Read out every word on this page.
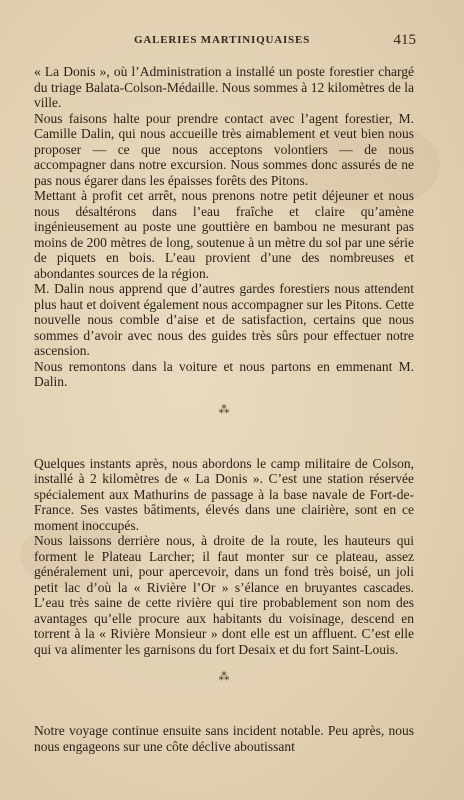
GALERIES MARTINIQUAISES	415

« La Donis », où l’Administration a installé un poste forestier chargé du triage Balata-Colson-Médaille. Nous sommes à 12 kilomètres de la ville.

Nous faisons halte pour prendre contact avec l’agent forestier, M. Camille Dalin, qui nous accueille très aimablement et veut bien nous proposer — ce que nous acceptons volontiers — de nous accompagner dans notre excursion. Nous sommes donc assurés de ne pas nous égarer dans les épaisses forêts des Pitons.

Mettant à profit cet arrêt, nous prenons notre petit déjeuner et nous nous désaltérons dans l’eau fraîche et claire qu’amène ingénieusement au poste une gouttière en bambou ne mesurant pas moins de 200 mètres de long, soutenue à un mètre du sol par une série de piquets en bois. L’eau provient d’une des nombreuses et abondantes sources de la région.

M. Dalin nous apprend que d’autres gardes forestiers nous attendent plus haut et doivent également nous accompagner sur les Pitons. Cette nouvelle nous comble d’aise et de satisfaction, certains que nous sommes d’avoir avec nous des guides très sûrs pour effectuer notre ascension.

Nous remontons dans la voiture et nous partons en emmenant M. Dalin.

⁂

Quelques instants après, nous abordons le camp militaire de Colson, installé à 2 kilomètres de « La Donis ». C’est une station réservée spécialement aux Mathurins de passage à la base navale de Fort-de-France. Ses vastes bâtiments, élevés dans une clairière, sont en ce moment inoccupés.

Nous laissons derrière nous, à droite de la route, les hauteurs qui forment le Plateau Larcher; il faut monter sur ce plateau, assez généralement uni, pour apercevoir, dans un fond très boisé, un joli petit lac d’où la « Rivière l’Or » s’élance en bruyantes cascades. L’eau très saine de cette rivière qui tire probablement son nom des avantages qu’elle procure aux habitants du voisinage, descend en torrent à la « Rivière Monsieur » dont elle est un affluent. C’est elle qui va alimenter les garnisons du fort Desaix et du fort Saint-Louis.

⁂

Notre voyage continue ensuite sans incident notable. Peu après, nous nous engageons sur une côte déclive aboutissant
